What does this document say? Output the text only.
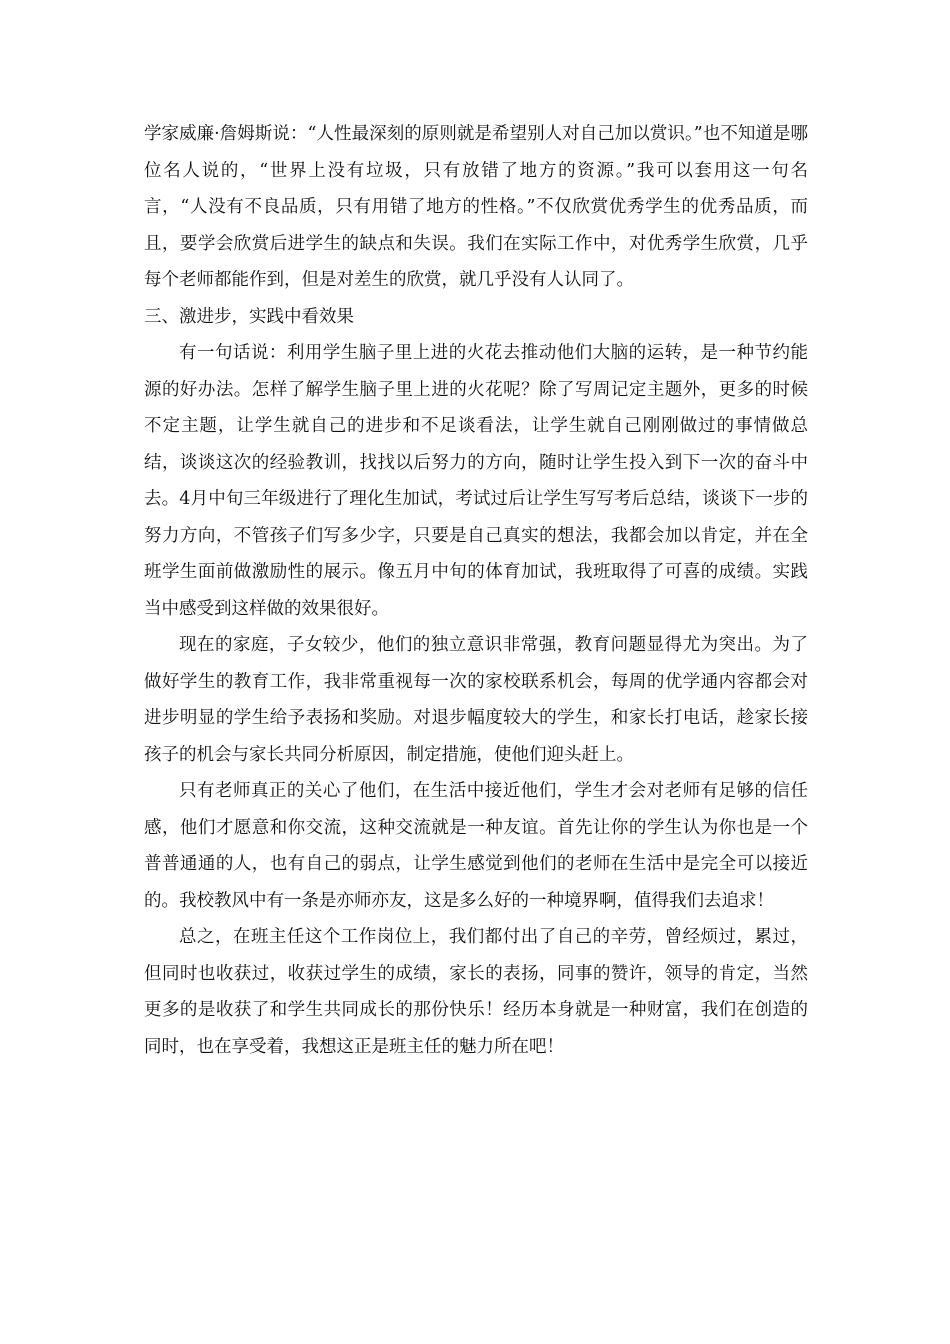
学家威廉·詹姆斯说：“人性最深刻的原则就是希望别人对自己加以赏识。”也不知道是哪位名人说的，“世界上没有垃圾，只有放错了地方的资源。”我可以套用这一句名言，“人没有不良品质，只有用错了地方的性格。”不仅欣赏优秀学生的优秀品质，而且，要学会欣赏后进学生的缺点和失误。我们在实际工作中，对优秀学生欣赏，几乎每个老师都能作到，但是对差生的欣赏，就几乎没有人认同了。

三、激进步，实践中看效果

有一句话说：利用学生脑子里上进的火花去推动他们大脑的运转，是一种节约能源的好办法。怎样了解学生脑子里上进的火花呢？除了写周记定主题外，更多的时候不定主题，让学生就自己的进步和不足谈看法，让学生就自己刚刚做过的事情做总结，谈谈这次的经验教训，找找以后努力的方向，随时让学生投入到下一次的奋斗中去。4月中旬三年级进行了理化生加试，考试过后让学生写写考后总结，谈谈下一步的努力方向，不管孩子们写多少字，只要是自己真实的想法，我都会加以肯定，并在全班学生面前做激励性的展示。像五月中旬的体育加试，我班取得了可喜的成绩。实践当中感受到这样做的效果很好。

现在的家庭，子女较少，他们的独立意识非常强，教育问题显得尤为突出。为了做好学生的教育工作，我非常重视每一次的家校联系机会，每周的优学通内容都会对进步明显的学生给予表扬和奖励。对退步幅度较大的学生，和家长打电话，趁家长接孩子的机会与家长共同分析原因，制定措施，使他们迎头赶上。

只有老师真正的关心了他们，在生活中接近他们，学生才会对老师有足够的信任感，他们才愿意和你交流，这种交流就是一种友谊。首先让你的学生认为你也是一个普普通通的人，也有自己的弱点，让学生感觉到他们的老师在生活中是完全可以接近的。我校教风中有一条是亦师亦友，这是多么好的一种境界啊，值得我们去追求！

总之，在班主任这个工作岗位上，我们都付出了自己的辛劳，曾经烦过，累过，但同时也收获过，收获过学生的成绩，家长的表扬，同事的赞许，领导的肯定，当然更多的是收获了和学生共同成长的那份快乐！经历本身就是一种财富，我们在创造的同时，也在享受着，我想这正是班主任的魅力所在吧！
